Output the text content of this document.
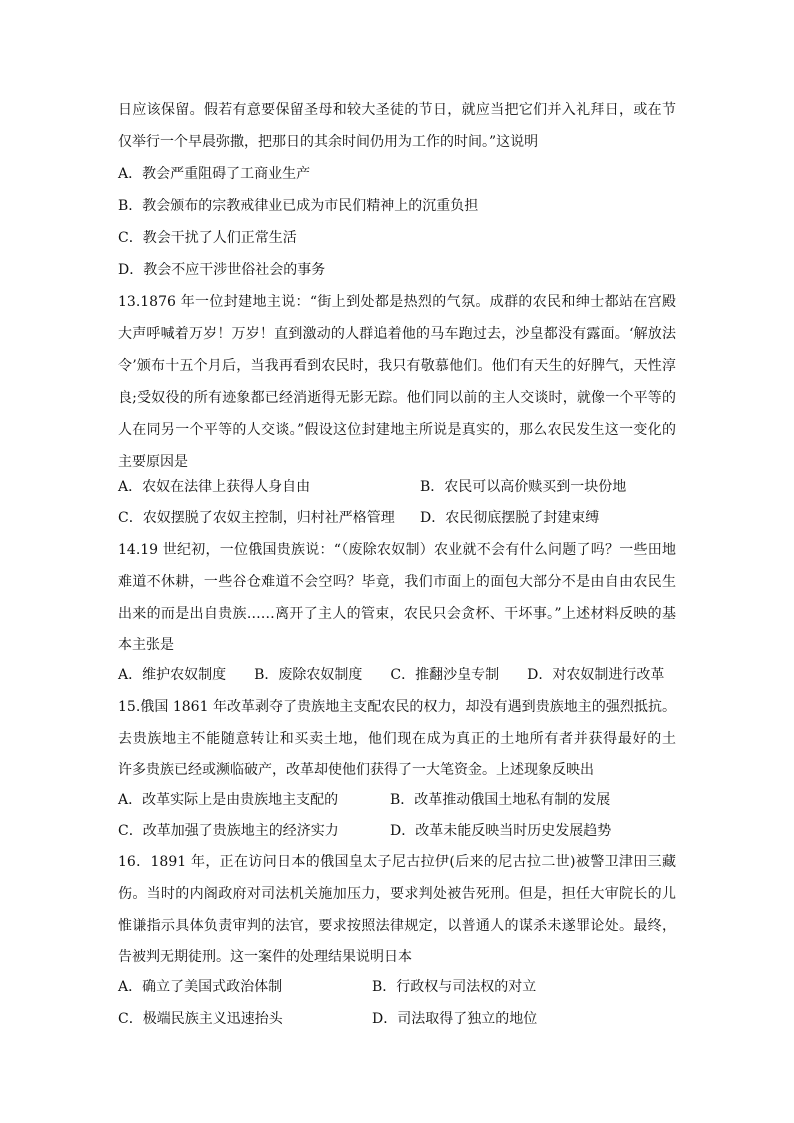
日应该保留。假若有意要保留圣母和较大圣徒的节日，就应当把它们并入礼拜日，或在节
仅举行一个早晨弥撒，把那日的其余时间仍用为工作的时间。”这说明
A．教会严重阻碍了工商业生产
B．教会颁布的宗教戒律业已成为市民们精神上的沉重负担
C．教会干扰了人们正常生活
D．教会不应干涉世俗社会的事务
13.1876 年一位封建地主说：“街上到处都是热烈的气氛。成群的农民和绅士都站在宫殿
大声呼喊着万岁！万岁！直到激动的人群追着他的马车跑过去，沙皇都没有露面。‘解放法
令’颁布十五个月后，当我再看到农民时，我只有敬慕他们。他们有天生的好脾气，天性淳
良;受奴役的所有迹象都已经消逝得无影无踪。他们同以前的主人交谈时，就像一个平等的
人在同另一个平等的人交谈。”假设这位封建地主所说是真实的，那么农民发生这一变化的
主要原因是
A．农奴在法律上获得人身自由	B．农民可以高价赎买到一块份地
C．农奴摆脱了农奴主控制，归村社严格管理 D．农民彻底摆脱了封建束缚
14.19 世纪初，一位俄国贵族说：“（废除农奴制）农业就不会有什么问题了吗？一些田地
难道不休耕，一些谷仓难道不会空吗？毕竟，我们市面上的面包大部分不是由自由农民生
出来的而是出自贵族……离开了主人的管束，农民只会贪杯、干坏事。”上述材料反映的基
本主张是
A．维护农奴制度　　B．废除农奴制度　　C．推翻沙皇专制　　D．对农奴制进行改革
15.俄国 1861 年改革剥夺了贵族地主支配农民的权力，却没有遇到贵族地主的强烈抵抗。
去贵族地主不能随意转让和买卖土地，他们现在成为真正的土地所有者并获得最好的土
许多贵族已经或濒临破产，改革却使他们获得了一大笔资金。上述现象反映出
A．改革实际上是由贵族地主支配的	B．改革推动俄国土地私有制的发展
C．改革加强了贵族地主的经济实力	D．改革未能反映当时历史发展趋势
16．1891 年，正在访问日本的俄国皇太子尼古拉伊(后来的尼古拉二世)被警卫津田三藏
伤。当时的内阁政府对司法机关施加压力，要求判处被告死刑。但是，担任大审院长的儿
惟谦指示具体负责审判的法官，要求按照法律规定，以普通人的谋杀未遂罪论处。最终，
告被判无期徒刑。这一案件的处理结果说明日本
A．确立了美国式政治体制	B．行政权与司法权的对立
C．极端民族主义迅速抬头	D．司法取得了独立的地位
